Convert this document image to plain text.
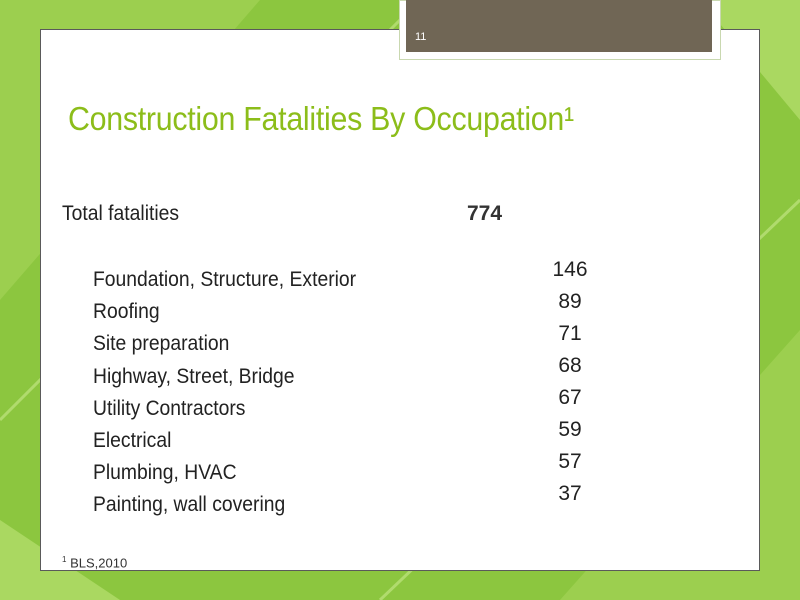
11
Construction Fatalities By Occupation¹
Total fatalities	774
Foundation, Structure, Exterior
Roofing
Site preparation
Highway, Street, Bridge
Utility Contractors
Electrical
Plumbing, HVAC
Painting, wall covering
146
89
71
68
67
59
57
37
$^1$ BLS,2010
